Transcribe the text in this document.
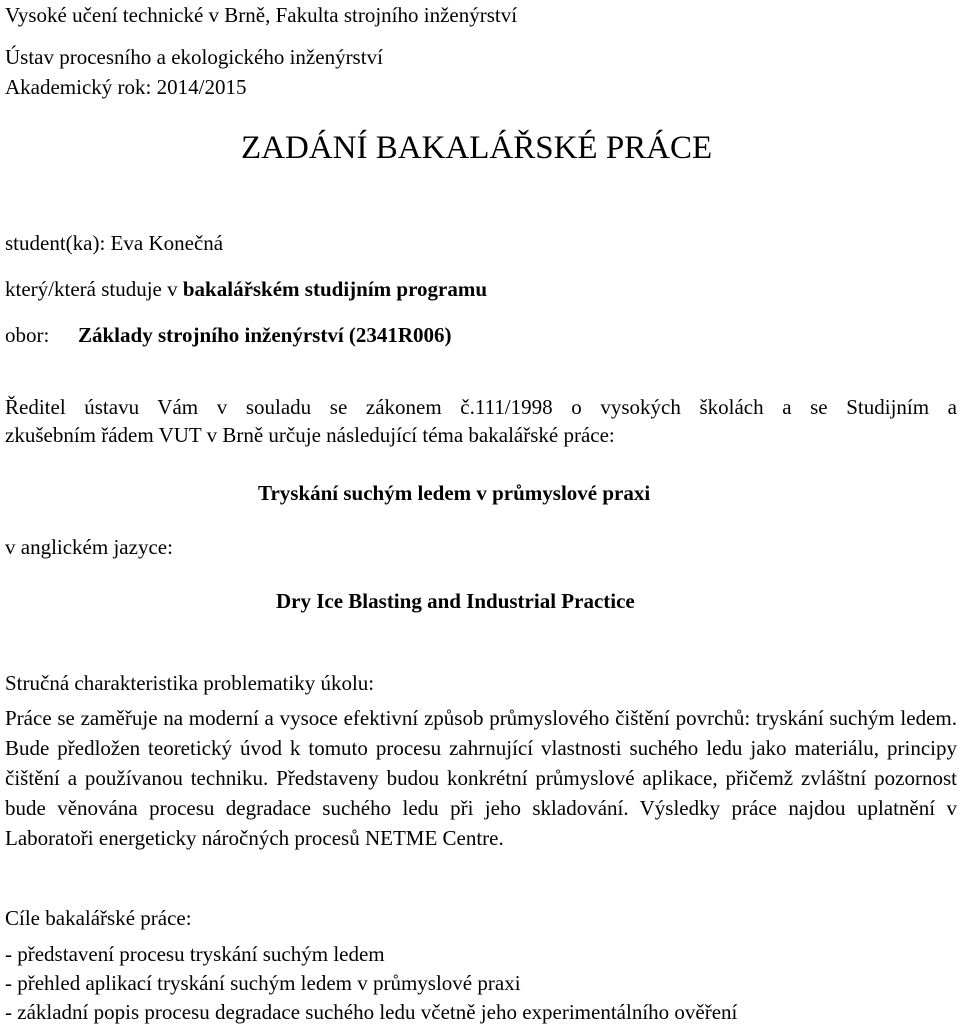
Vysoké učení technické v Brně, Fakulta strojního inženýrství
Ústav procesního a ekologického inženýrství
Akademický rok: 2014/2015
ZADÁNÍ BAKALÁŘSKÉ PRÁCE
student(ka): Eva Konečná
který/která studuje v bakalářském studijním programu
obor: Základy strojního inženýrství (2341R006)
Ředitel ústavu Vám v souladu se zákonem č.111/1998 o vysokých školách a se Studijním a
zkušebním řádem VUT v Brně určuje následující téma bakalářské práce:
Tryskání suchým ledem v průmyslové praxi
v anglickém jazyce:
Dry Ice Blasting and Industrial Practice
Stručná charakteristika problematiky úkolu:
Práce se zaměřuje na moderní a vysoce efektivní způsob průmyslového čištění povrchů: tryskání suchým ledem. Bude předložen teoretický úvod k tomuto procesu zahrnující vlastnosti suchého ledu jako materiálu, principy čištění a používanou techniku. Představeny budou konkrétní průmyslové aplikace, přičemž zvláštní pozornost bude věnována procesu degradace suchého ledu při jeho skladování. Výsledky práce najdou uplatnění v Laboratoři energeticky náročných procesů NETME Centre.
Cíle bakalářské práce:
- představení procesu tryskání suchým ledem
- přehled aplikací tryskání suchým ledem v průmyslové praxi
- základní popis procesu degradace suchého ledu včetně jeho experimentálního ověření
